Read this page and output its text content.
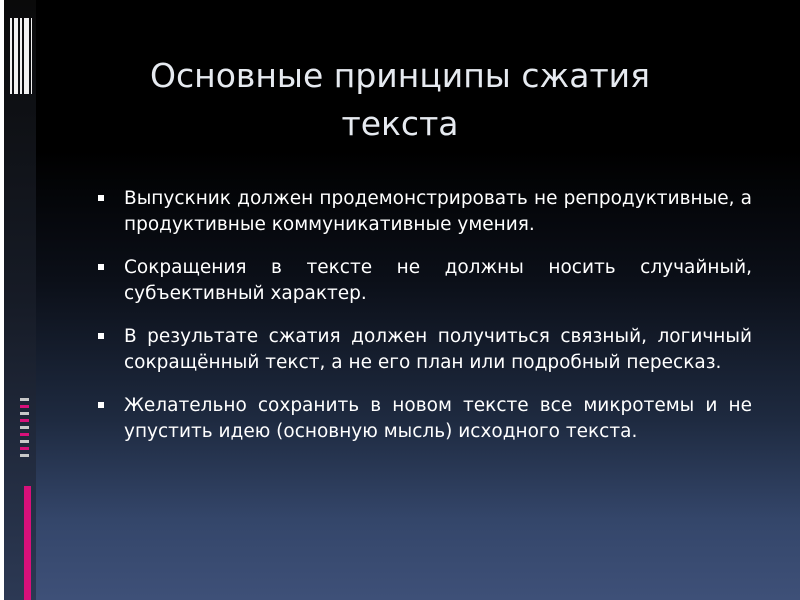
Основные принципы сжатия текста
Выпускник должен продемонстрировать не репродуктивные, а продуктивные коммуникативные умения.
Сокращения в тексте не должны носить случайный, субъективный характер.
В результате сжатия должен получиться связный, логичный сокращённый текст, а не его план или подробный пересказ.
Желательно сохранить в новом тексте все микротемы и не упустить идею (основную мысль) исходного текста.
